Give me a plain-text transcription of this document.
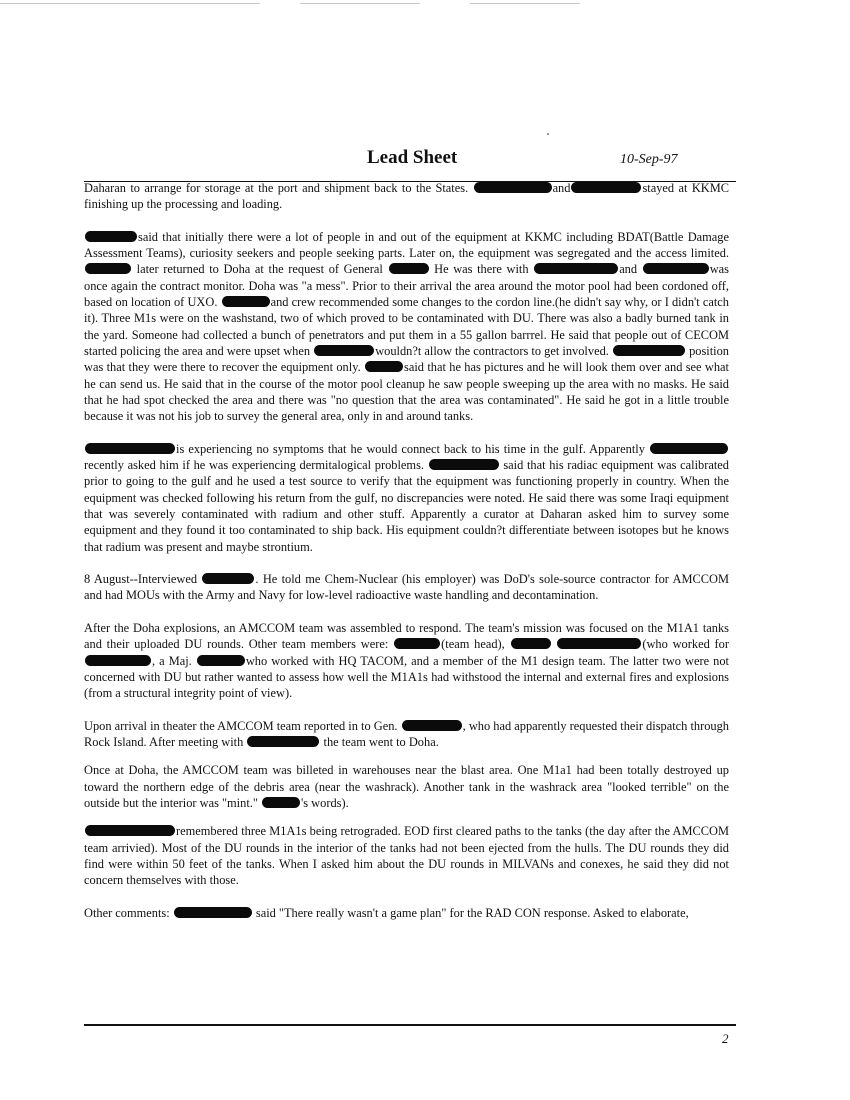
Lead Sheet	10-Sep-97

Daharan to arrange for storage at the port and shipment back to the States.	and	stayed at KKMC finishing up the processing and loading.

said that initially there were a lot of people in and out of the equipment at KKMC including BDAT(Battle Damage Assessment Teams), curiosity seekers and people seeking parts. Later on, the equipment was segregated and the access limited.  later returned to Doha at the request of General	He was there with	and	was once again the contract monitor. Doha was "a mess". Prior to their arrival the area around the motor pool had been cordoned off, based on location of UXO.	and crew recommended some changes to the cordon line.(he didn't say why, or I didn't catch it). Three M1s were on the washstand, two of which proved to be contaminated with DU. There was also a badly burned tank in the yard. Someone had collected a bunch of penetrators and put them in a 55 gallon barrrel. He said that people out of CECOM started policing the area and were upset when	wouldn?t allow the contractors to get involved.	position was that they were there to recover the equipment only.	said that he has pictures and he will look them over and see what he can send us. He said that in the course of the motor pool cleanup he saw people sweeping up the area with no masks. He said that he had spot checked the area and there was "no question that the area was contaminated". He said he got in a little trouble because it was not his job to survey the general area, only in and around tanks.

is experiencing no symptoms that he would connect back to his time in the gulf. Apparently  recently asked him if he was experiencing dermitalogical problems.	said that his radiac equipment was calibrated prior to going to the gulf and he used a test source to verify that the equipment was functioning properly in country. When the equipment was checked following his return from the gulf, no discrepancies were noted. He said there was some Iraqi equipment that was severely contaminated with radium and other stuff. Apparently a curator at Daharan asked him to survey some equipment and they found it too contaminated to ship back. His equipment couldn?t differentiate between isotopes but he knows that radium was present and maybe strontium.

8 August--Interviewed	. He told me Chem-Nuclear (his employer) was DoD's sole-source contractor for AMCCOM and had MOUs with the Army and Navy for low-level radioactive waste handling and decontamination.

After the Doha explosions, an AMCCOM team was assembled to respond. The team's mission was focused on the M1A1 tanks and their uploaded DU rounds. Other team members were:	(team head),	(who worked for , a Maj.	who worked with HQ TACOM, and a member of the M1 design team. The latter two were not concerned with DU but rather wanted to assess how well the M1A1s had withstood the internal and external fires and explosions (from a structural integrity point of view).

Upon arrival in theater the AMCCOM team reported in to Gen.	, who had apparently requested their dispatch through Rock Island. After meeting with	the team went to Doha.

Once at Doha, the AMCCOM team was billeted in warehouses near the blast area. One M1a1 had been totally destroyed up toward the northern edge of the debris area (near the washrack). Another tank in the washrack area "looked terrible" on the outside but the interior was "mint."	's words).

remembered three M1A1s being retrograded. EOD first cleared paths to the tanks (the day after the AMCCOM team arrivied). Most of the DU rounds in the interior of the tanks had not been ejected from the hulls. The DU rounds they did find were within 50 feet of the tanks. When I asked him about the DU rounds in MILVANs and conexes, he said they did not concern themselves with those.

Other comments:	said "There really wasn't a game plan" for the RAD CON response. Asked to elaborate,

2
